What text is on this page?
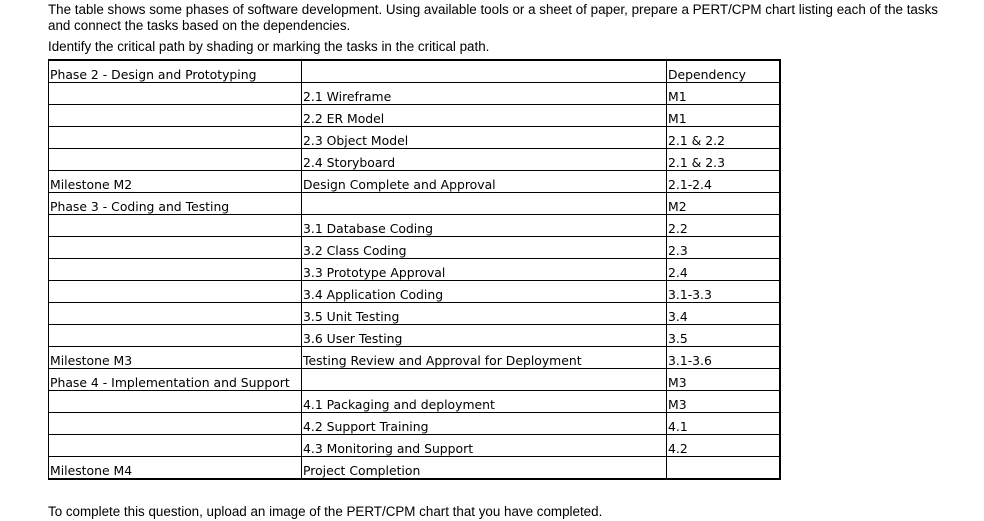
The table shows some phases of software development. Using available tools or a sheet of paper, prepare a PERT/CPM chart listing each of the tasks and connect the tasks based on the dependencies.

Identify the critical path by shading or marking the tasks in the critical path.

Phase 2 - Design and Prototyping		Dependency
	2.1 Wireframe	M1
	2.2 ER Model	M1
	2.3 Object Model	2.1 & 2.2
	2.4 Storyboard	2.1 & 2.3
Milestone M2	Design Complete and Approval	2.1-2.4
Phase 3 - Coding and Testing		M2
	3.1 Database Coding	2.2
	3.2 Class Coding	2.3
	3.3 Prototype Approval	2.4
	3.4 Application Coding	3.1-3.3
	3.5 Unit Testing	3.4
	3.6 User Testing	3.5
Milestone M3	Testing Review and Approval for Deployment	3.1-3.6
Phase 4 - Implementation and Support		M3
	4.1 Packaging and deployment	M3
	4.2 Support Training	4.1
	4.3 Monitoring and Support	4.2
Milestone M4	Project Completion	

To complete this question, upload an image of the PERT/CPM chart that you have completed.
